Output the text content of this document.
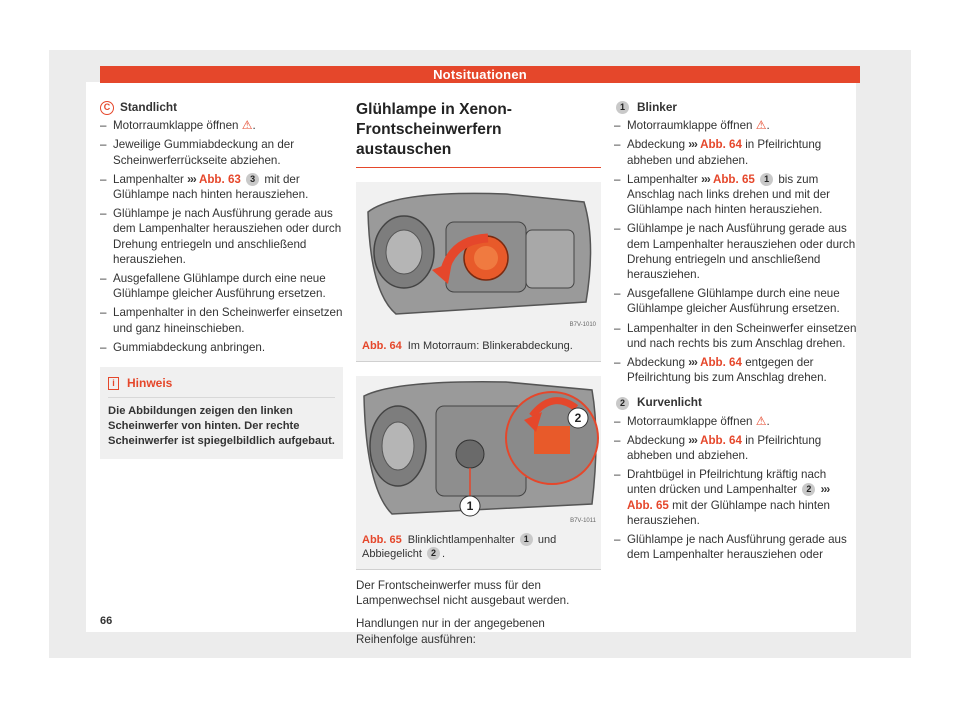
Notsituationen
C Standlicht
– Motorraumklappe öffnen ⚠.
– Jeweilige Gummiabdeckung an der Scheinwerferrückseite abziehen.
– Lampenhalter ››› Abb. 63 3 mit der Glühlampe nach hinten herausziehen.
– Glühlampe je nach Ausführung gerade aus dem Lampenhalter herausziehen oder durch Drehung entriegeln und anschließend herausziehen.
– Ausgefallene Glühlampe durch eine neue Glühlampe gleicher Ausführung ersetzen.
– Lampenhalter in den Scheinwerfer einsetzen und ganz hineinschieben.
– Gummiabdeckung anbringen.
i	Hinweis
Die Abbildungen zeigen den linken Scheinwerfer von hinten. Der rechte Scheinwerfer ist spiegelbildlich aufgebaut.
Glühlampe in Xenon-Frontscheinwerfern austauschen
B7V-1010
Abb. 64 Im Motorraum: Blinkerabdeckung.
1
2
B7V-1011
Abb. 65 Blinklichtlampenhalter 1 und Abbiegelicht 2 .

Der Frontscheinwerfer muss für den Lampenwechsel nicht ausgebaut werden.

Handlungen nur in der angegebenen Reihenfolge ausführen:

1	Blinker
– Motorraumklappe öffnen ⚠.
– Abdeckung ››› Abb. 64 in Pfeilrichtung abheben und abziehen.
– Lampenhalter ››› Abb. 65 1 bis zum Anschlag nach links drehen und mit der Glühlampe nach hinten herausziehen.
– Glühlampe je nach Ausführung gerade aus dem Lampenhalter herausziehen oder durch Drehung entriegeln und anschließend herausziehen.
– Ausgefallene Glühlampe durch eine neue Glühlampe gleicher Ausführung ersetzen.
– Lampenhalter in den Scheinwerfer einsetzen und nach rechts bis zum Anschlag drehen.
– Abdeckung ››› Abb. 64 entgegen der Pfeilrichtung bis zum Anschlag drehen.
2	Kurvenlicht
– Motorraumklappe öffnen ⚠.
– Abdeckung ››› Abb. 64 in Pfeilrichtung abheben und abziehen.
– Drahtbügel in Pfeilrichtung kräftig nach unten drücken und Lampenhalter 2 ››› Abb. 65 mit der Glühlampe nach hinten herausziehen.
– Glühlampe je nach Ausführung gerade aus dem Lampenhalter herausziehen oder
66
